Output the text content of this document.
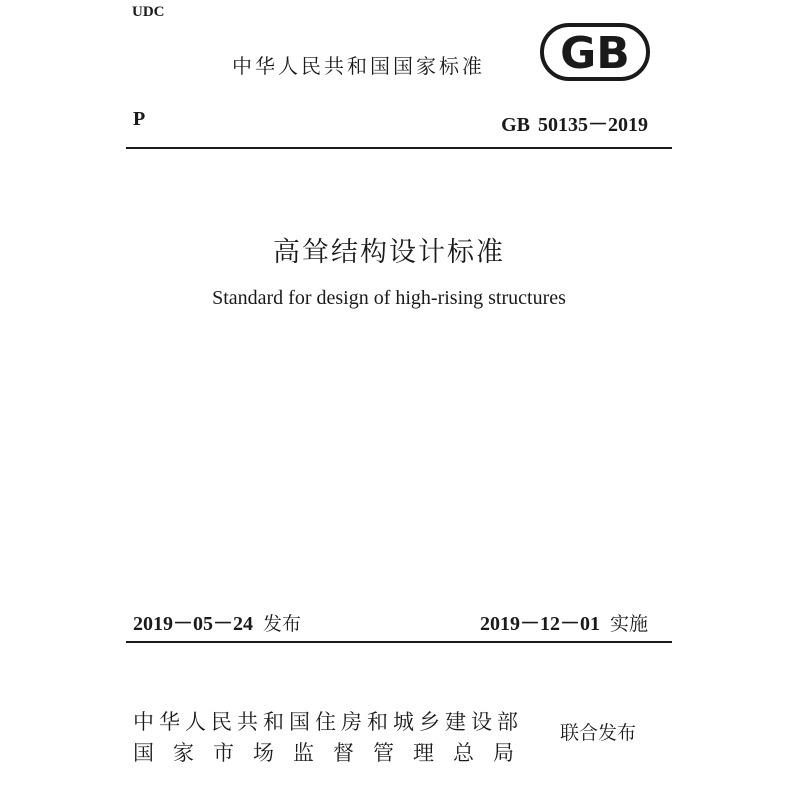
UDC
中华人民共和国国家标准 GB
P	GB 50135－2019
高耸结构设计标准
Standard for design of high-rising structures
2019－05－24 发布	2019－12－01 实施
中华人民共和国住房和城乡建设部
国家市场监督管理总局
联合发布
